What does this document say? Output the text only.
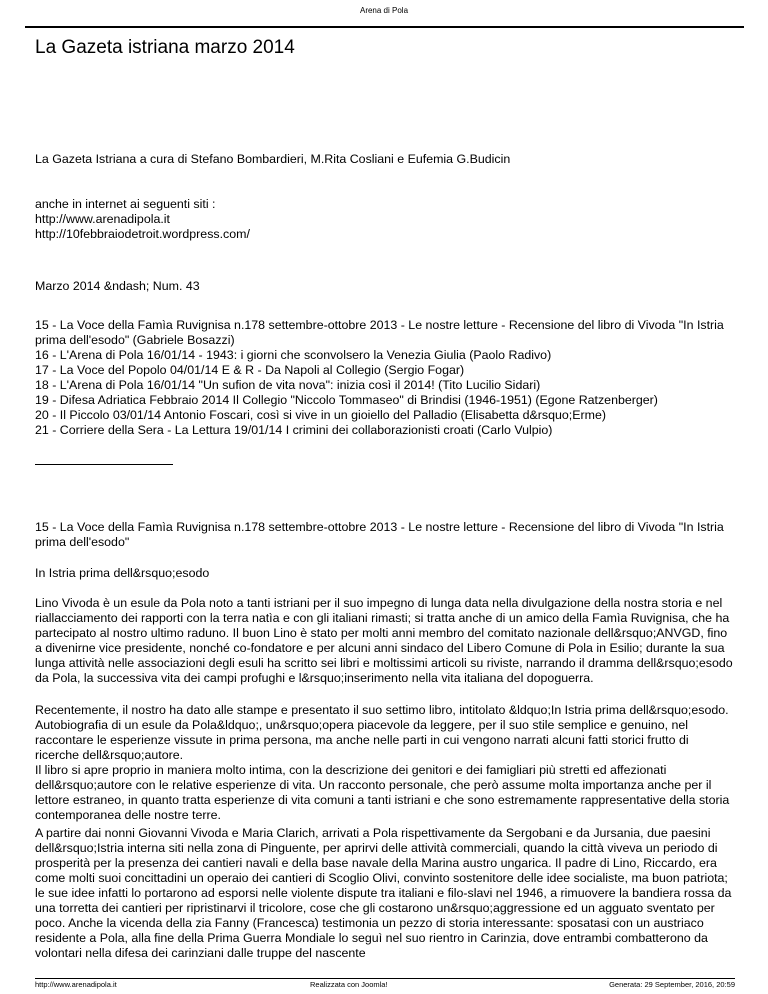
Arena di Pola
La Gazeta istriana marzo 2014

La Gazeta Istriana a cura di Stefano Bombardieri, M.Rita Cosliani e Eufemia G.Budicin

anche in internet ai seguenti siti :

http://www.arenadipola.it

http://10febbraiodetroit.wordpress.com/

Marzo 2014 &ndash; Num. 43

15 - La Voce della Famìa Ruvignisa n.178 settembre-ottobre 2013 - Le nostre letture - Recensione del libro di Vivoda "In Istria prima dell'esodo" (Gabriele Bosazzi)

16 - L'Arena di Pola 16/01/14 - 1943: i giorni che sconvolsero la Venezia Giulia (Paolo Radivo)

17 - La Voce del Popolo 04/01/14 E & R - Da Napoli al Collegio (Sergio Fogar)

18 - L'Arena di Pola 16/01/14 "Un sufion de vita nova": inizia così il 2014! (Tito Lucilio Sidari)

19 - Difesa Adriatica Febbraio 2014 Il Collegio "Niccolo Tommaseo" di Brindisi (1946-1951) (Egone Ratzenberger)

20 - Il Piccolo 03/01/14 Antonio Foscari, così si vive in un gioiello del Palladio (Elisabetta d&rsquo;Erme)

21 - Corriere della Sera - La Lettura 19/01/14 I crimini dei collaborazionisti croati (Carlo Vulpio)

15 - La Voce della Famìa Ruvignisa n.178 settembre-ottobre 2013 - Le nostre letture - Recensione del libro di Vivoda "In Istria prima dell'esodo"

In Istria prima dell&rsquo;esodo

Lino Vivoda è un esule da Pola noto a tanti istriani per il suo impegno di lunga data nella divulgazione della nostra storia e nel riallacciamento dei rapporti con la terra natìa e con gli italiani rimasti; si tratta anche di un amico della Famìa Ruvignisa, che ha partecipato al nostro ultimo raduno. Il buon Lino è stato per molti anni membro del comitato nazionale dell&rsquo;ANVGD, fino a divenirne vice presidente, nonché co-fondatore e per alcuni anni sindaco del Libero Comune di Pola in Esilio; durante la sua lunga attività nelle associazioni degli esuli ha scritto sei libri e moltissimi articoli su riviste, narrando il dramma dell&rsquo;esodo da Pola, la successiva vita dei campi profughi e l&rsquo;inserimento nella vita italiana del dopoguerra.

Recentemente, il nostro ha dato alle stampe e presentato il suo settimo libro, intitolato &ldquo;In Istria prima dell&rsquo;esodo. Autobiografia di un esule da Pola&ldquo;, un&rsquo;opera piacevole da leggere, per il suo stile semplice e genuino, nel raccontare le esperienze vissute in prima persona, ma anche nelle parti in cui vengono narrati alcuni fatti storici frutto di ricerche dell&rsquo;autore.

Il libro si apre proprio in maniera molto intima, con la descrizione dei genitori e dei famigliari più stretti ed affezionati dell&rsquo;autore con le relative esperienze di vita. Un racconto personale, che però assume molta importanza anche per il lettore estraneo, in quanto tratta esperienze di vita comuni a tanti istriani e che sono estremamente rappresentative della storia contemporanea delle nostre terre.

A partire dai nonni Giovanni Vivoda e Maria Clarich, arrivati a Pola rispettivamente da Sergobani e da Jursania, due paesini dell&rsquo;Istria interna siti nella zona di Pinguente, per aprirvi delle attività commerciali, quando la città viveva un periodo di prosperità per la presenza dei cantieri navali e della base navale della Marina austro ungarica. Il padre di Lino, Riccardo, era come molti suoi concittadini un operaio dei cantieri di Scoglio Olivi, convinto sostenitore delle idee socialiste, ma buon patriota; le sue idee infatti lo portarono ad esporsi nelle violente dispute tra italiani e filo-slavi nel 1946, a rimuovere la bandiera rossa da una torretta dei cantieri per ripristinarvi il tricolore, cose che gli costarono un&rsquo;aggressione ed un agguato sventato per poco. Anche la vicenda della zia Fanny (Francesca) testimonia un pezzo di storia interessante: sposatasi con un austriaco residente a Pola, alla fine della Prima Guerra Mondiale lo seguì nel suo rientro in Carinzia, dove entrambi combatterono da volontari nella difesa dei carinziani dalle truppe del nascente

http://www.arenadipola.it	Realizzata con Joomla!	Generata: 29 September, 2016, 20:59
